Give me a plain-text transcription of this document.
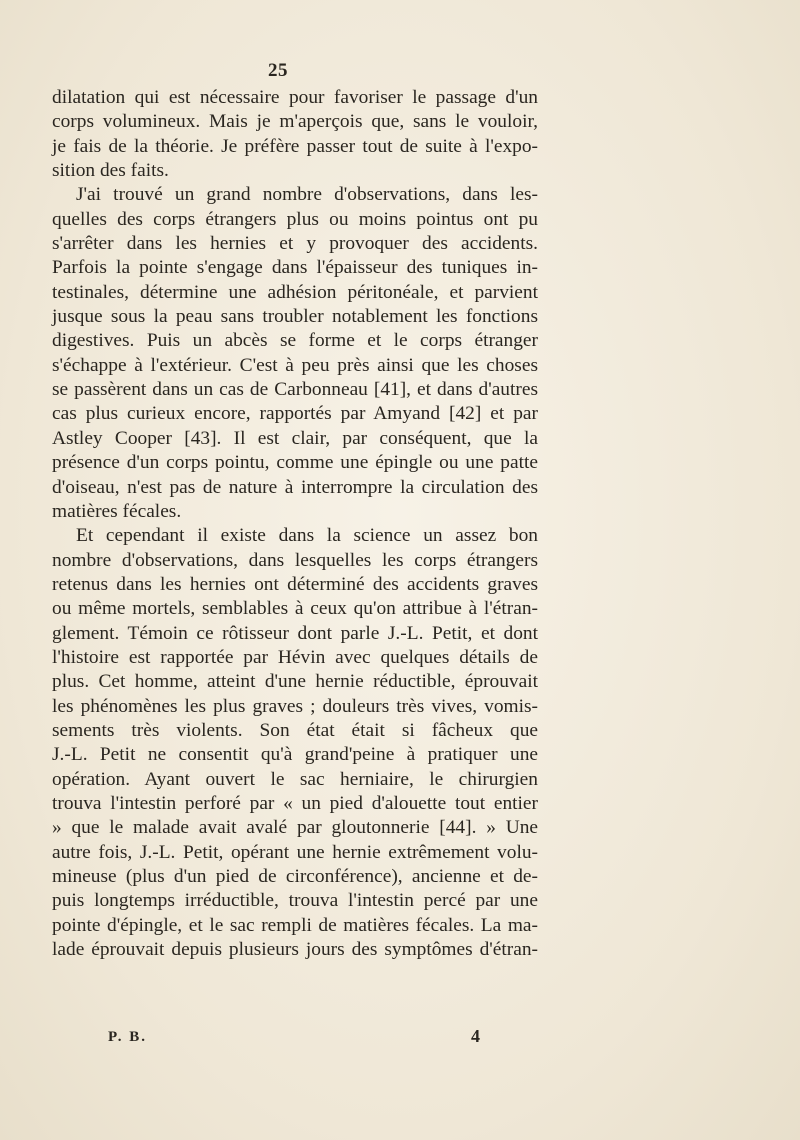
25
dilatation qui est nécessaire pour favoriser le passage d'un
corps volumineux. Mais je m'aperçois que, sans le vouloir,
je fais de la théorie. Je préfère passer tout de suite à l'expo-
sition des faits.
J'ai trouvé un grand nombre d'observations, dans les-
quelles des corps étrangers plus ou moins pointus ont pu
s'arrêter dans les hernies et y provoquer des accidents.
Parfois la pointe s'engage dans l'épaisseur des tuniques in-
testinales, détermine une adhésion péritonéale, et parvient
jusque sous la peau sans troubler notablement les fonctions
digestives. Puis un abcès se forme et le corps étranger
s'échappe à l'extérieur. C'est à peu près ainsi que les choses
se passèrent dans un cas de Carbonneau [41], et dans d'autres
cas plus curieux encore, rapportés par Amyand [42] et par
Astley Cooper [43]. Il est clair, par conséquent, que la
présence d'un corps pointu, comme une épingle ou une patte
d'oiseau, n'est pas de nature à interrompre la circulation des
matières fécales.
Et cependant il existe dans la science un assez bon
nombre d'observations, dans lesquelles les corps étrangers
retenus dans les hernies ont déterminé des accidents graves
ou même mortels, semblables à ceux qu'on attribue à l'étran-
glement. Témoin ce rôtisseur dont parle J.-L. Petit, et dont
l'histoire est rapportée par Hévin avec quelques détails de
plus. Cet homme, atteint d'une hernie réductible, éprouvait
les phénomènes les plus graves ; douleurs très vives, vomis-
sements très violents. Son état était si fâcheux que
J.-L. Petit ne consentit qu'à grand'peine à pratiquer une
opération. Ayant ouvert le sac herniaire, le chirurgien
trouva l'intestin perforé par « un pied d'alouette tout entier
» que le malade avait avalé par gloutonnerie [44]. » Une
autre fois, J.-L. Petit, opérant une hernie extrêmement volu-
mineuse (plus d'un pied de circonférence), ancienne et de-
puis longtemps irréductible, trouva l'intestin percé par une
pointe d'épingle, et le sac rempli de matières fécales. La ma-
lade éprouvait depuis plusieurs jours des symptômes d'étran-
P. B.	4
